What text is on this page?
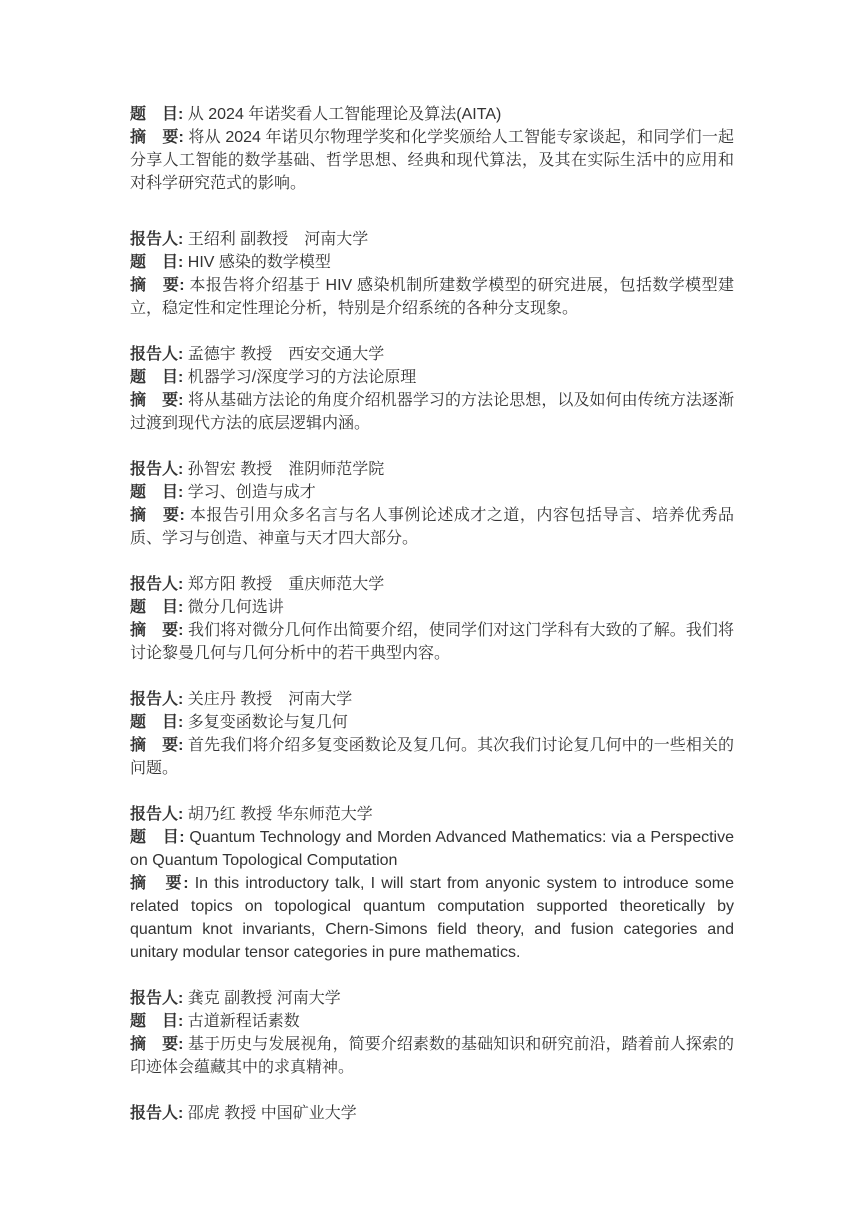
题　目: 从 2024 年诺奖看人工智能理论及算法(AITA)

摘　要: 将从 2024 年诺贝尔物理学奖和化学奖颁给人工智能专家谈起，和同学们一起分享人工智能的数学基础、哲学思想、经典和现代算法，及其在实际生活中的应用和对科学研究范式的影响。

报告人: 王绍利 副教授　河南大学

题　目: HIV 感染的数学模型

摘　要: 本报告将介绍基于 HIV 感染机制所建数学模型的研究进展，包括数学模型建立，稳定性和定性理论分析，特别是介绍系统的各种分支现象。

报告人: 孟德宇 教授　西安交通大学

题　目: 机器学习/深度学习的方法论原理

摘　要: 将从基础方法论的角度介绍机器学习的方法论思想，以及如何由传统方法逐渐过渡到现代方法的底层逻辑内涵。

报告人: 孙智宏 教授　淮阴师范学院

题　目: 学习、创造与成才

摘　要: 本报告引用众多名言与名人事例论述成才之道，内容包括导言、培养优秀品质、学习与创造、神童与天才四大部分。

报告人: 郑方阳 教授　重庆师范大学

题　目: 微分几何选讲

摘　要: 我们将对微分几何作出简要介绍，使同学们对这门学科有大致的了解。我们将讨论黎曼几何与几何分析中的若干典型内容。

报告人: 关庄丹 教授　河南大学

题　目: 多复变函数论与复几何

摘　要: 首先我们将介绍多复变函数论及复几何。其次我们讨论复几何中的一些相关的问题。

报告人: 胡乃红 教授 华东师范大学

题　目: Quantum Technology and Morden Advanced Mathematics: via a Perspective on Quantum Topological Computation

摘　要: In this introductory talk, I will start from anyonic system to introduce some related topics on topological quantum computation supported theoretically by quantum knot invariants, Chern-Simons field theory, and fusion categories and unitary modular tensor categories in pure mathematics.

报告人: 龚克 副教授 河南大学

题　目: 古道新程话素数

摘　要: 基于历史与发展视角，简要介绍素数的基础知识和研究前沿，踏着前人探索的印迹体会蕴藏其中的求真精神。

报告人: 邵虎 教授 中国矿业大学
